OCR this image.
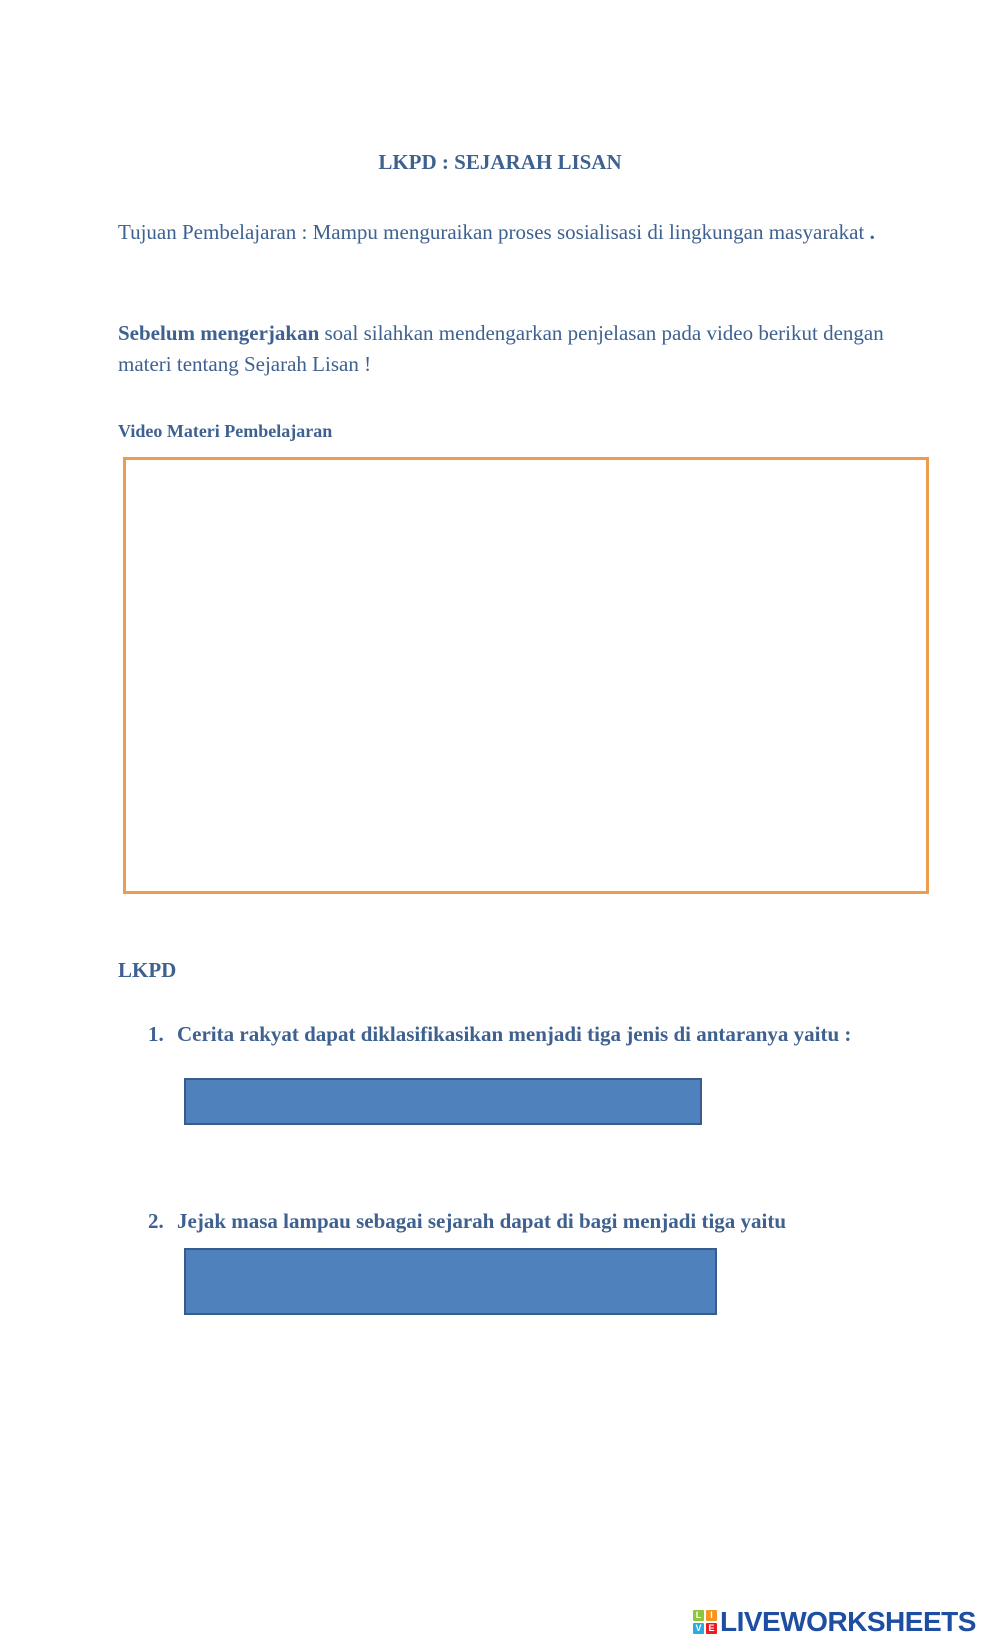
LKPD : SEJARAH LISAN

Tujuan Pembelajaran : Mampu menguraikan proses sosialisasi di lingkungan masyarakat .

Sebelum mengerjakan soal silahkan mendengarkan penjelasan pada video berikut dengan materi tentang Sejarah Lisan !

Video Materi Pembelajaran
LKPD
1. Cerita rakyat dapat diklasifikasikan menjadi tiga jenis di antaranya yaitu :
2. Jejak masa lampau sebagai sejarah dapat di bagi menjadi tiga yaitu
L I
V E LIVEWORKSHEETS
